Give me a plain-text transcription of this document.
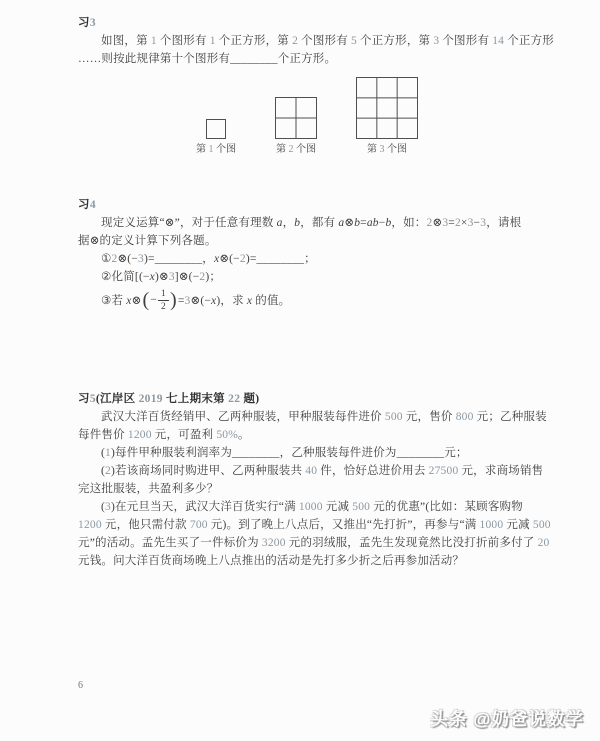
习3
如图，第 1 个图形有 1 个正方形，第 2 个图形有 5 个正方形，第 3 个图形有 14 个正方形
……则按此规律第十个图形有________个正方形。
第 1 个图	第 2 个图	第 3 个图
习4
现定义运算“⊗”，对于任意有理数 a，b，都有 a⊗b=ab−b，如：2⊗3=2×3−3，请根
据⊗的定义计算下列各题。
①2⊗(−3)=________，x⊗(−2)=________；
②化简[(−x)⊗3]⊗(−2)；
③若 x⊗ ( − $\frac{1}{2}$ ) =3⊗(−x)，求 x 的值。
习5(江岸区 2019 七上期末第 22 题)
武汉大洋百货经销甲、乙两种服装，甲种服装每件进价 500 元，售价 800 元；乙种服装
每件售价 1200 元，可盈利 50%。
(1)每件甲种服装利润率为________，乙种服装每件进价为________元；
(2)若该商场同时购进甲、乙两种服装共 40 件，恰好总进价用去 27500 元，求商场销售
完这批服装，共盈利多少？
(3)在元旦当天，武汉大洋百货实行“满 1000 元减 500 元的优惠”(比如：某顾客购物
1200 元，他只需付款 700 元)。到了晚上八点后，又推出“先打折”，再参与“满 1000 元减 500
元”的活动。孟先生买了一件标价为 3200 元的羽绒服，孟先生发现竟然比没打折前多付了 20
元钱。问大洋百货商场晚上八点推出的活动是先打多少折之后再参加活动？
6
头条 @奶爸说数学
